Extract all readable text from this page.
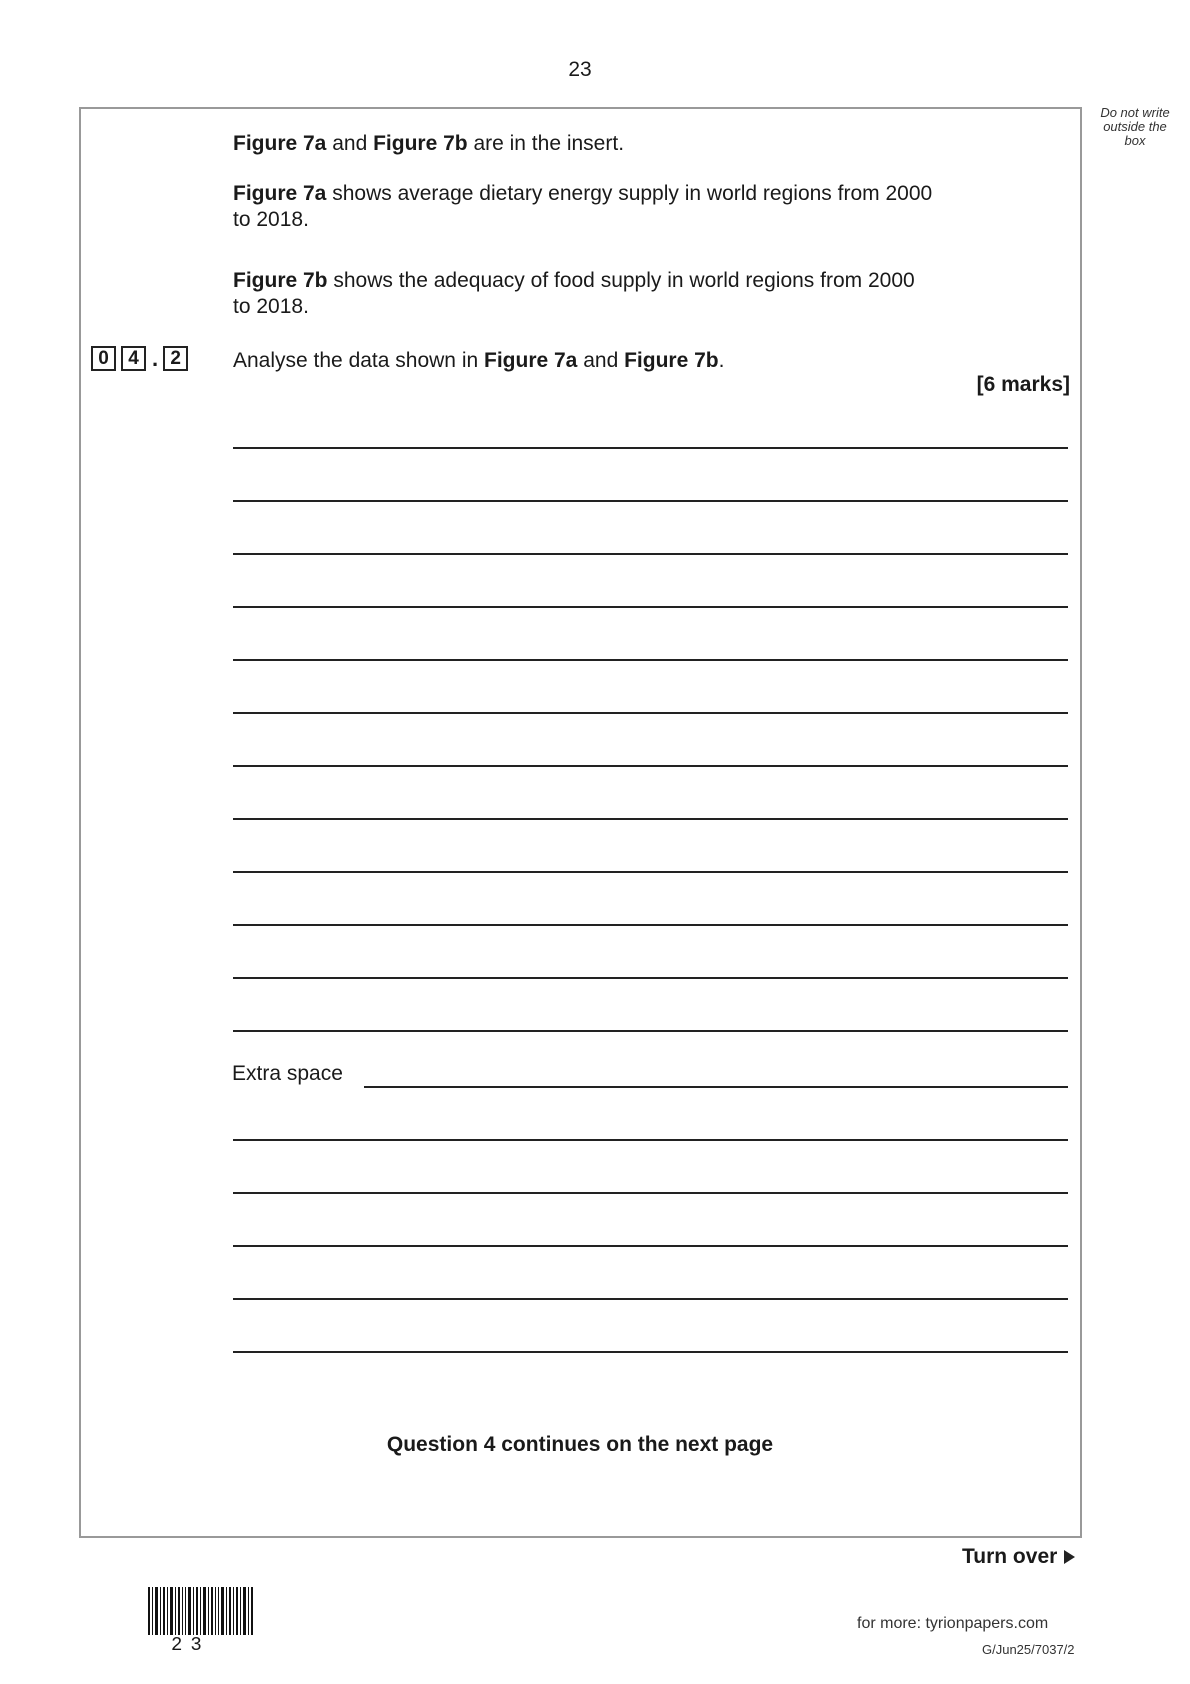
23
Do not write outside the box

Figure 7a and Figure 7b are in the insert.

Figure 7a shows average dietary energy supply in world regions from 2000 to 2018.

Figure 7b shows the adequacy of food supply in world regions from 2000 to 2018.

0	4 . 2	Analyse the data shown in Figure 7a and Figure 7b.

[6 marks]
Extra space
Question 4 continues on the next page
Turn over
23
for more: tyrionpapers.com
G/Jun25/7037/2
